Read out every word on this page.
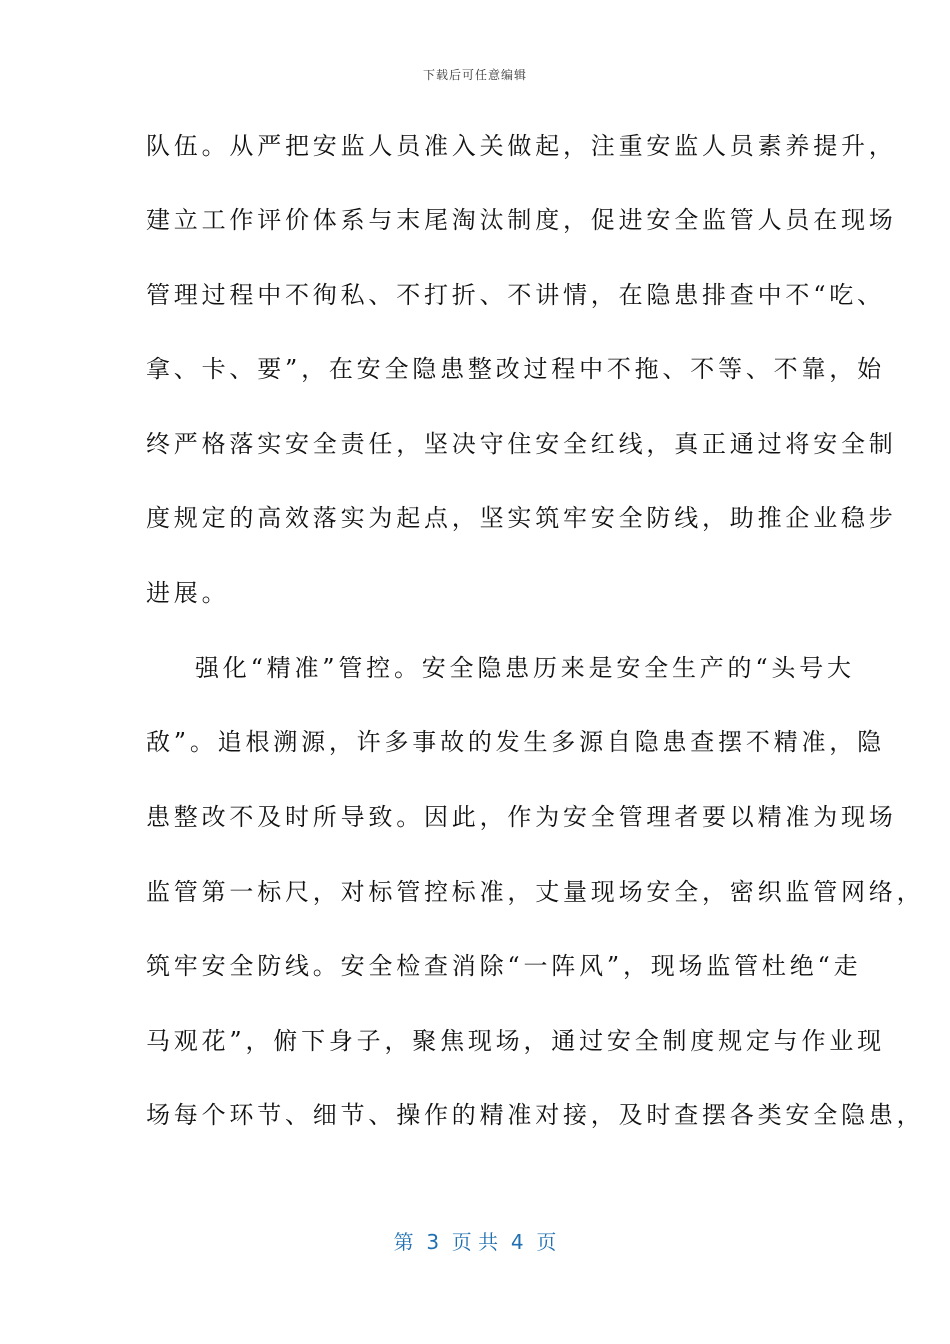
下载后可任意编辑
队伍。从严把安监人员准入关做起，注重安监人员素养提升，
建立工作评价体系与末尾淘汰制度，促进安全监管人员在现场
管理过程中不徇私、不打折、不讲情，在隐患排查中不“吃、
拿、卡、要”，在安全隐患整改过程中不拖、不等、不靠，始
终严格落实安全责任，坚决守住安全红线，真正通过将安全制
度规定的高效落实为起点，坚实筑牢安全防线，助推企业稳步
进展。
强化“精准”管控。安全隐患历来是安全生产的“头号大
敌”。追根溯源，许多事故的发生多源自隐患查摆不精准，隐
患整改不及时所导致。因此，作为安全管理者要以精准为现场
监管第一标尺，对标管控标准，丈量现场安全，密织监管网络，
筑牢安全防线。安全检查消除“一阵风”，现场监管杜绝“走
马观花”，俯下身子，聚焦现场，通过安全制度规定与作业现
场每个环节、细节、操作的精准对接，及时查摆各类安全隐患，
第  3  页 共  4  页
